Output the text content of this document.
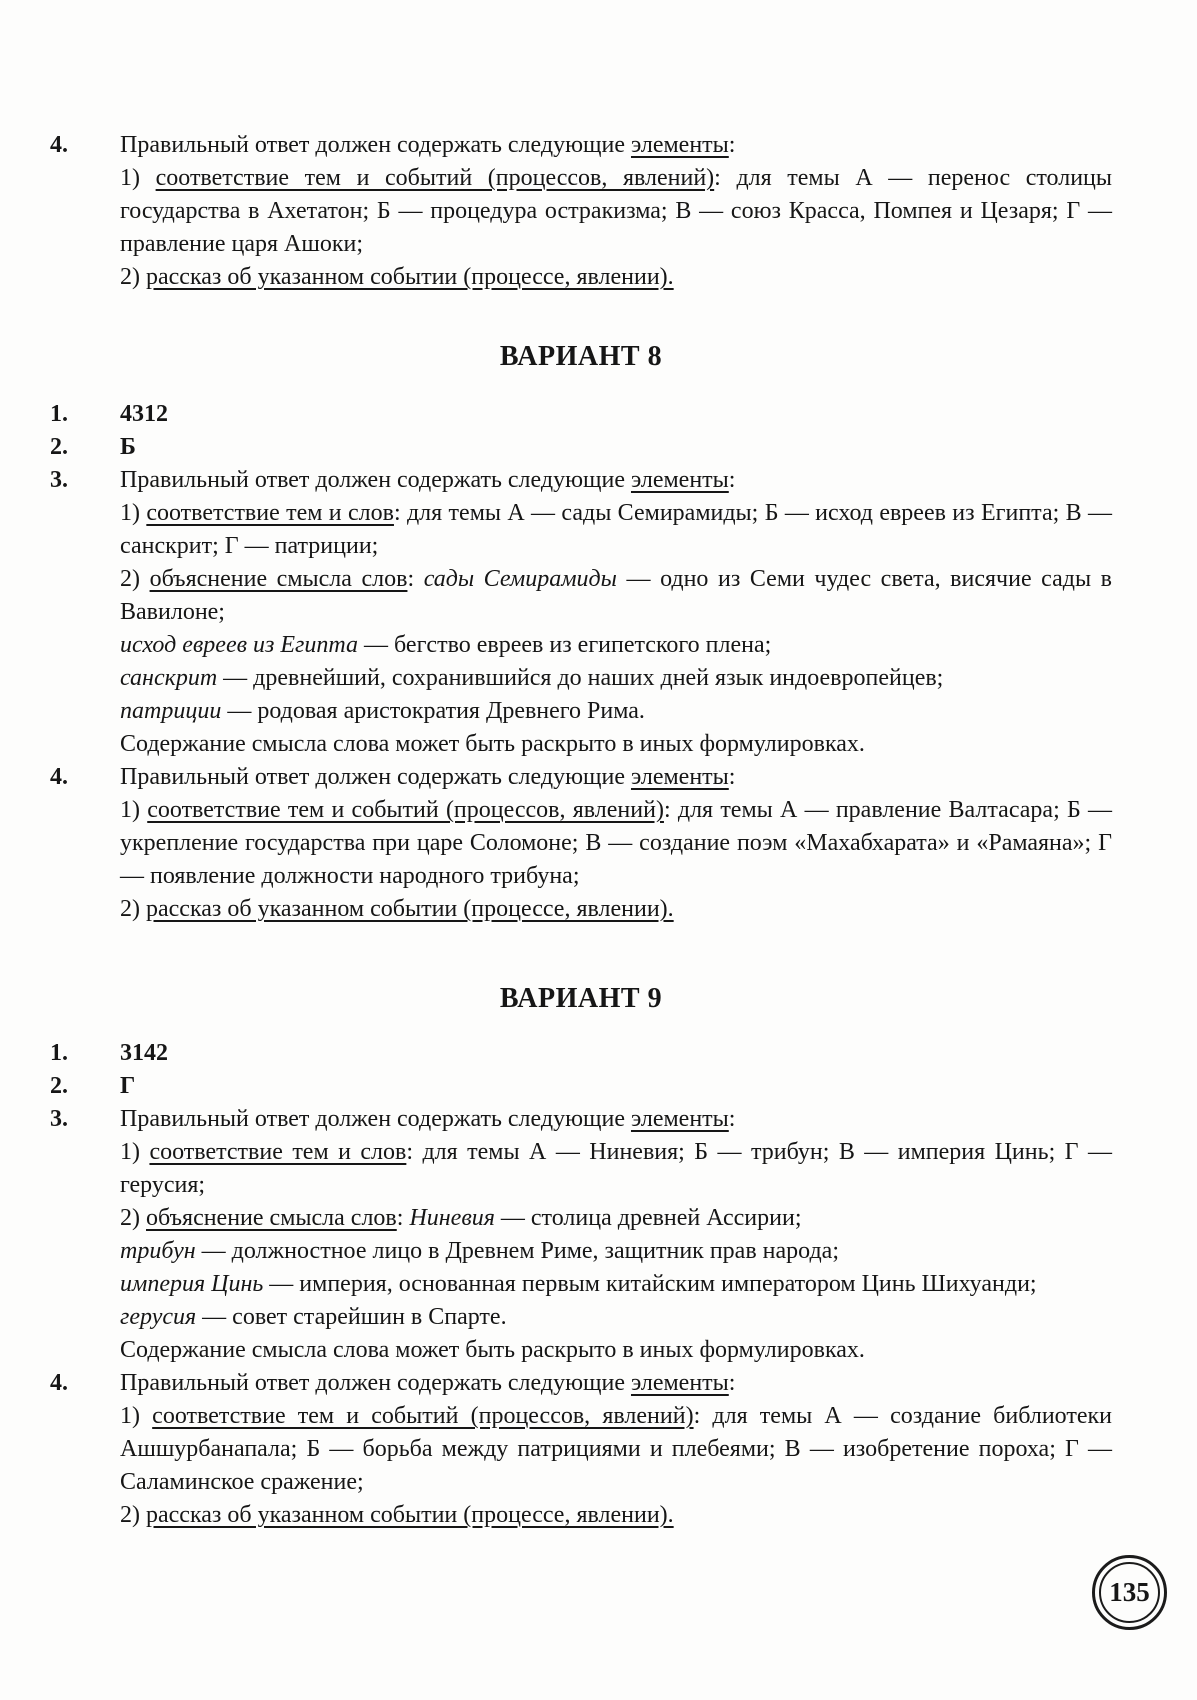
4.	Правильный ответ должен содержать следующие элементы:

1) соответствие тем и событий (процессов, явлений): для темы А — перенос столицы государства в Ахетатон; Б — процедура остракизма; В — союз Красса, Помпея и Цезаря; Г — правление царя Ашоки;

2) рассказ об указанном событии (процессе, явлении).

ВАРИАНТ 8
1.	4312

2.	Б

3.	Правильный ответ должен содержать следующие элементы:

1) соответствие тем и слов: для темы А — сады Семирамиды; Б — исход евреев из Египта; В — санскрит; Г — патриции;

2) объяснение смысла слов: сады Семирамиды — одно из Семи чудес света, висячие сады в Вавилоне;

исход евреев из Египта — бегство евреев из египетского плена;

санскрит — древнейший, сохранившийся до наших дней язык индоевропейцев;

патриции — родовая аристократия Древнего Рима.

Содержание смысла слова может быть раскрыто в иных формулировках.

4.	Правильный ответ должен содержать следующие элементы:

1) соответствие тем и событий (процессов, явлений): для темы А — правление Валтасара; Б — укрепление государства при царе Соломоне; В — создание поэм «Махабхарата» и «Рамаяна»; Г — появление должности народного трибуна;

2) рассказ об указанном событии (процессе, явлении).

ВАРИАНТ 9
1.	3142

2.	Г

3.	Правильный ответ должен содержать следующие элементы:

1) соответствие тем и слов: для темы А — Ниневия; Б — трибун; В — империя Цинь; Г — герусия;

2) объяснение смысла слов: Ниневия — столица древней Ассирии;

трибун — должностное лицо в Древнем Риме, защитник прав народа;

империя Цинь — империя, основанная первым китайским императором Цинь Шихуанди;

герусия — совет старейшин в Спарте.

Содержание смысла слова может быть раскрыто в иных формулировках.

4.	Правильный ответ должен содержать следующие элементы:

1) соответствие тем и событий (процессов, явлений): для темы А — создание библиотеки Ашшурбанапала; Б — борьба между патрициями и плебеями; В — изобретение пороха; Г — Саламинское сражение;

2) рассказ об указанном событии (процессе, явлении).

135
